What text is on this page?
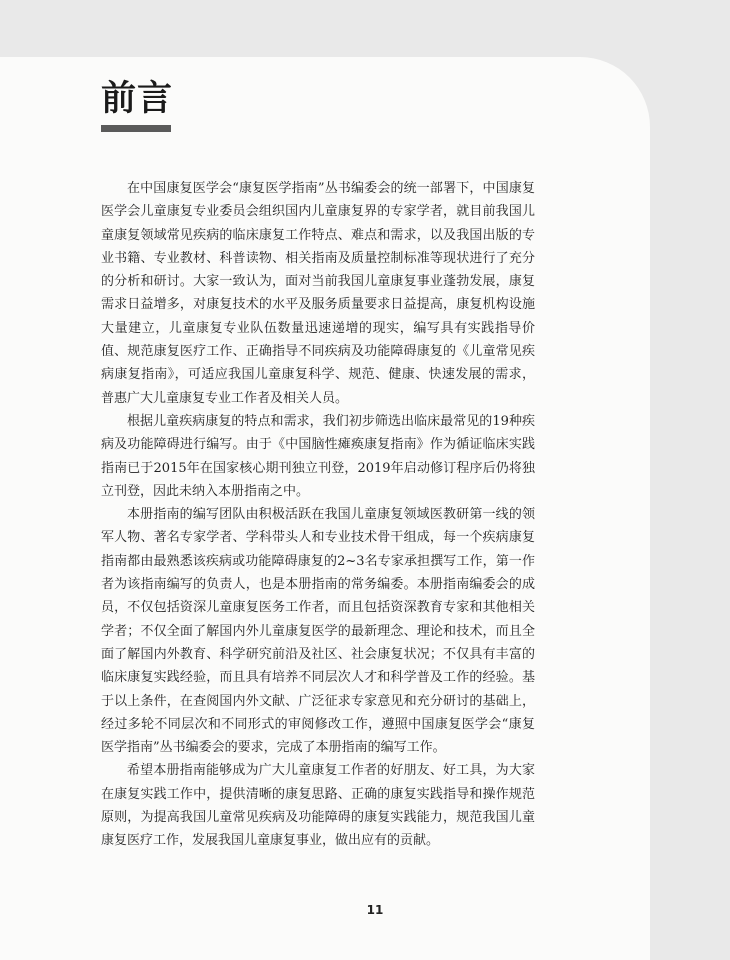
前言

在中国康复医学会“康复医学指南”丛书编委会的统一部署下，中国康复医学会儿童康复专业委员会组织国内儿童康复界的专家学者，就目前我国儿童康复领域常见疾病的临床康复工作特点、难点和需求，以及我国出版的专业书籍、专业教材、科普读物、相关指南及质量控制标准等现状进行了充分的分析和研讨。大家一致认为，面对当前我国儿童康复事业蓬勃发展，康复需求日益增多，对康复技术的水平及服务质量要求日益提高，康复机构设施大量建立，儿童康复专业队伍数量迅速递增的现实，编写具有实践指导价值、规范康复医疗工作、正确指导不同疾病及功能障碍康复的《儿童常见疾病康复指南》，可适应我国儿童康复科学、规范、健康、快速发展的需求，普惠广大儿童康复专业工作者及相关人员。

根据儿童疾病康复的特点和需求，我们初步筛选出临床最常见的19种疾病及功能障碍进行编写。由于《中国脑性瘫痪康复指南》作为循证临床实践指南已于2015年在国家核心期刊独立刊登，2019年启动修订程序后仍将独立刊登，因此未纳入本册指南之中。

本册指南的编写团队由积极活跃在我国儿童康复领域医教研第一线的领军人物、著名专家学者、学科带头人和专业技术骨干组成，每一个疾病康复指南都由最熟悉该疾病或功能障碍康复的2~3名专家承担撰写工作，第一作者为该指南编写的负责人，也是本册指南的常务编委。本册指南编委会的成员，不仅包括资深儿童康复医务工作者，而且包括资深教育专家和其他相关学者；不仅全面了解国内外儿童康复医学的最新理念、理论和技术，而且全面了解国内外教育、科学研究前沿及社区、社会康复状况；不仅具有丰富的临床康复实践经验，而且具有培养不同层次人才和科学普及工作的经验。基于以上条件，在查阅国内外文献、广泛征求专家意见和充分研讨的基础上，经过多轮不同层次和不同形式的审阅修改工作，遵照中国康复医学会“康复医学指南”丛书编委会的要求，完成了本册指南的编写工作。

希望本册指南能够成为广大儿童康复工作者的好朋友、好工具，为大家在康复实践工作中，提供清晰的康复思路、正确的康复实践指导和操作规范原则，为提高我国儿童常见疾病及功能障碍的康复实践能力，规范我国儿童康复医疗工作，发展我国儿童康复事业，做出应有的贡献。

11
